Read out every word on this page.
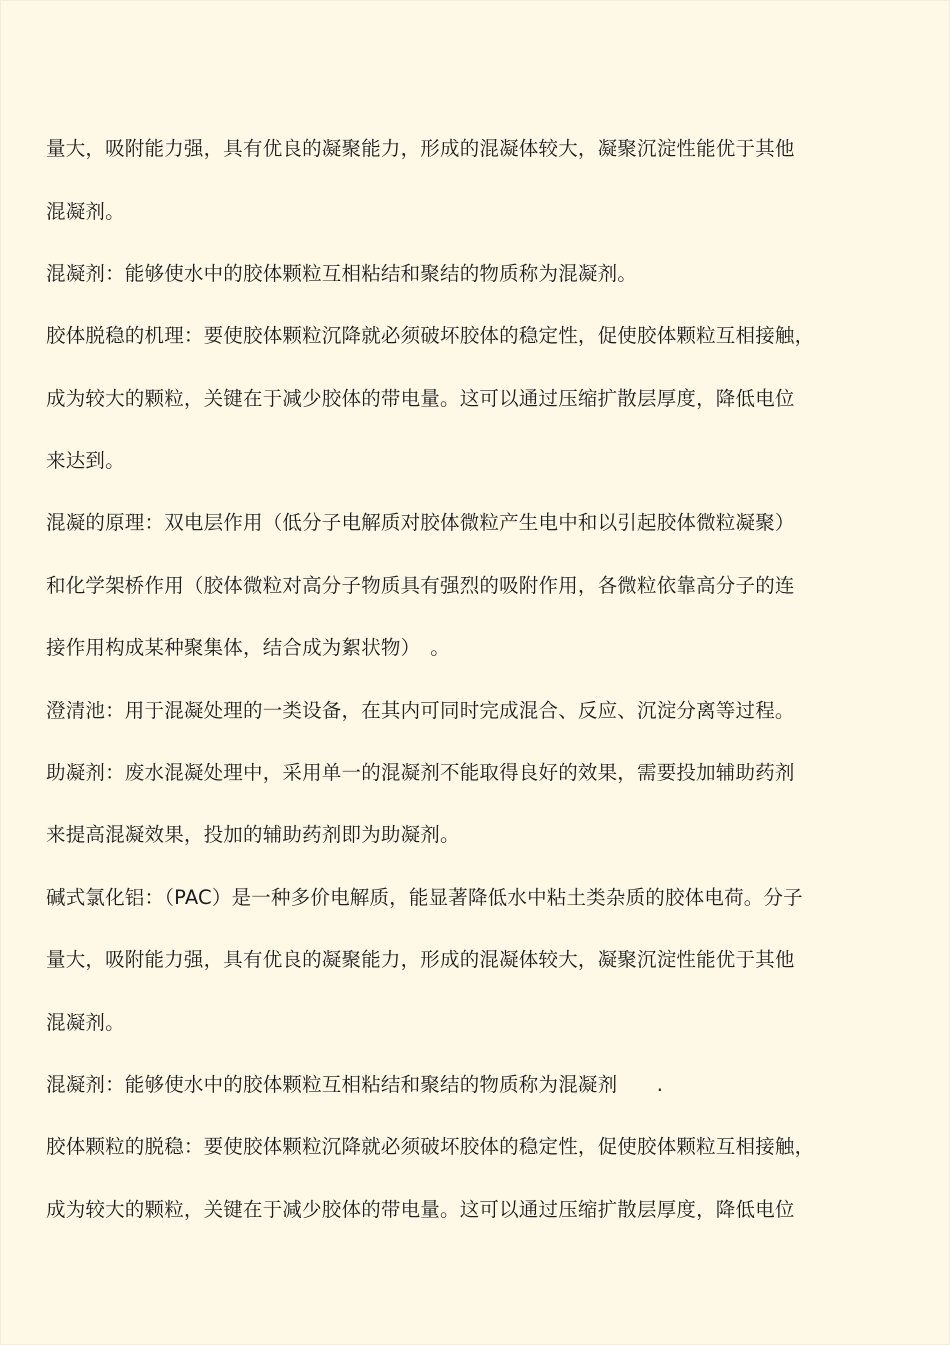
量大，吸附能力强，具有优良的凝聚能力，形成的混凝体较大，凝聚沉淀性能优于其他

混凝剂。

混凝剂：能够使水中的胶体颗粒互相粘结和聚结的物质称为混凝剂。

胶体脱稳的机理：要使胶体颗粒沉降就必须破坏胶体的稳定性，促使胶体颗粒互相接触，

成为较大的颗粒，关键在于减少胶体的带电量。这可以通过压缩扩散层厚度，降低电位

来达到。

混凝的原理：双电层作用（低分子电解质对胶体微粒产生电中和以引起胶体微粒凝聚）

和化学架桥作用（胶体微粒对高分子物质具有强烈的吸附作用，各微粒依靠高分子的连

接作用构成某种聚集体，结合成为絮状物）　。

澄清池：用于混凝处理的一类设备，在其内可同时完成混合、反应、沉淀分离等过程。

助凝剂：废水混凝处理中，采用单一的混凝剂不能取得良好的效果，需要投加辅助药剂

来提高混凝效果，投加的辅助药剂即为助凝剂。

碱式氯化铝：（PAC）是一种多价电解质，能显著降低水中粘土类杂质的胶体电荷。分子

量大，吸附能力强，具有优良的凝聚能力，形成的混凝体较大，凝聚沉淀性能优于其他

混凝剂。

混凝剂：能够使水中的胶体颗粒互相粘结和聚结的物质称为混凝剂　　.

胶体颗粒的脱稳：要使胶体颗粒沉降就必须破坏胶体的稳定性，促使胶体颗粒互相接触，

成为较大的颗粒，关键在于减少胶体的带电量。这可以通过压缩扩散层厚度，降低电位
